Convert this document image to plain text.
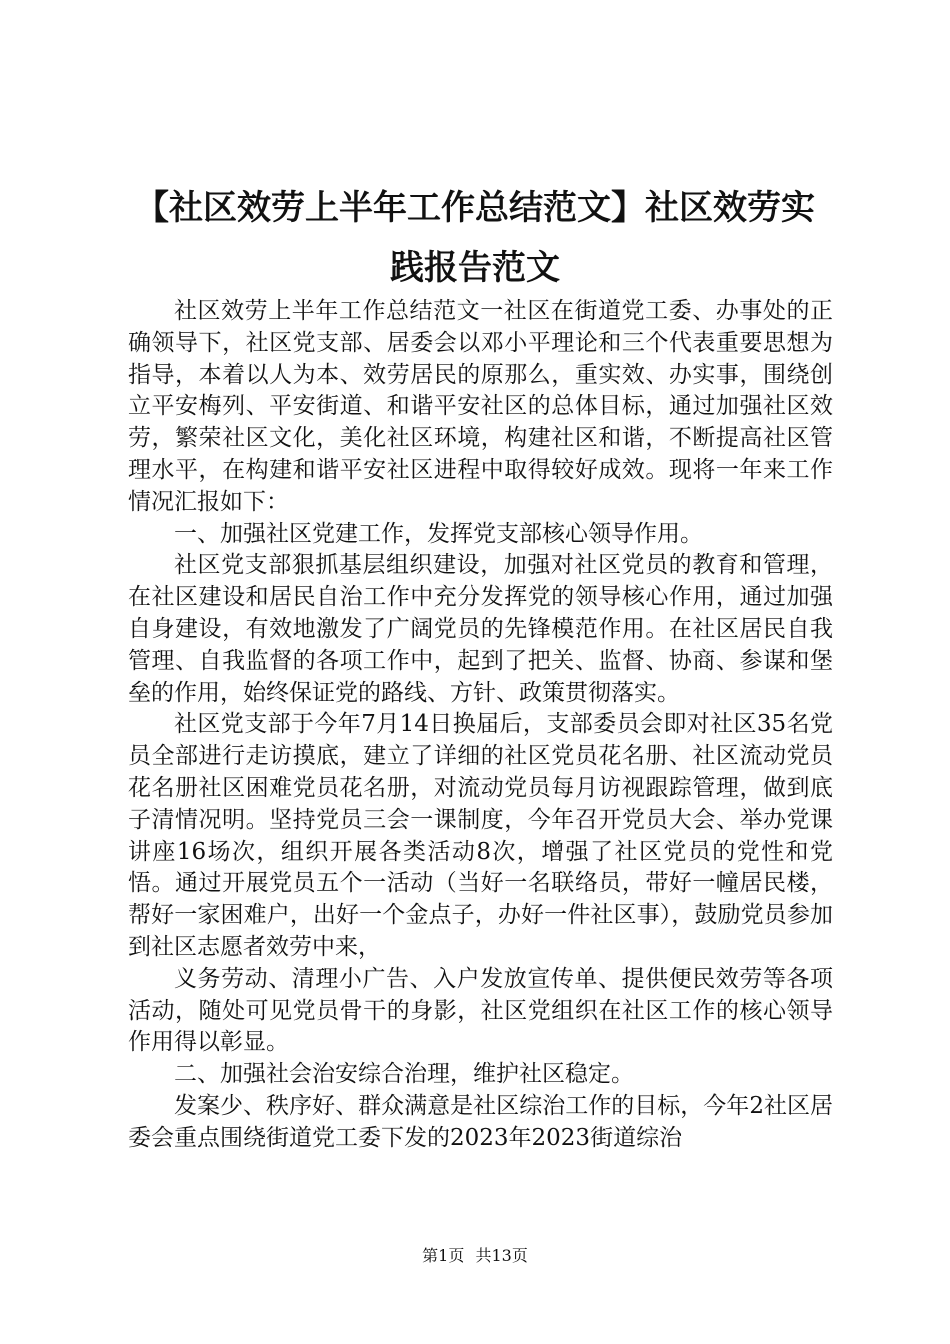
【社区效劳上半年工作总结范文】社区效劳实
践报告范文

社区效劳上半年工作总结范文一社区在街道党工委、办事处的正确领导下，社区党支部、居委会以邓小平理论和三个代表重要思想为指导，本着以人为本、效劳居民的原那么，重实效、办实事，围绕创立平安梅列、平安街道、和谐平安社区的总体目标，通过加强社区效劳，繁荣社区文化，美化社区环境，构建社区和谐，不断提高社区管理水平，在构建和谐平安社区进程中取得较好成效。现将一年来工作情况汇报如下：

一、加强社区党建工作，发挥党支部核心领导作用。

社区党支部狠抓基层组织建设，加强对社区党员的教育和管理，在社区建设和居民自治工作中充分发挥党的领导核心作用，通过加强自身建设，有效地激发了广阔党员的先锋模范作用。在社区居民自我管理、自我监督的各项工作中，起到了把关、监督、协商、参谋和堡垒的作用，始终保证党的路线、方针、政策贯彻落实。

社区党支部于今年7月14日换届后，支部委员会即对社区35名党员全部进行走访摸底，建立了详细的社区党员花名册、社区流动党员花名册社区困难党员花名册，对流动党员每月访视跟踪管理，做到底子清情况明。坚持党员三会一课制度，今年召开党员大会、举办党课讲座16场次，组织开展各类活动8次，增强了社区党员的党性和党悟。通过开展党员五个一活动（当好一名联络员，带好一幢居民楼，帮好一家困难户，出好一个金点子，办好一件社区事），鼓励党员参加到社区志愿者效劳中来，

义务劳动、清理小广告、入户发放宣传单、提供便民效劳等各项活动，随处可见党员骨干的身影，社区党组织在社区工作的核心领导作用得以彰显。

二、加强社会治安综合治理，维护社区稳定。

发案少、秩序好、群众满意是社区综治工作的目标，今年2社区居委会重点围绕街道党工委下发的2023年2023街道综治

第1页 共13页
